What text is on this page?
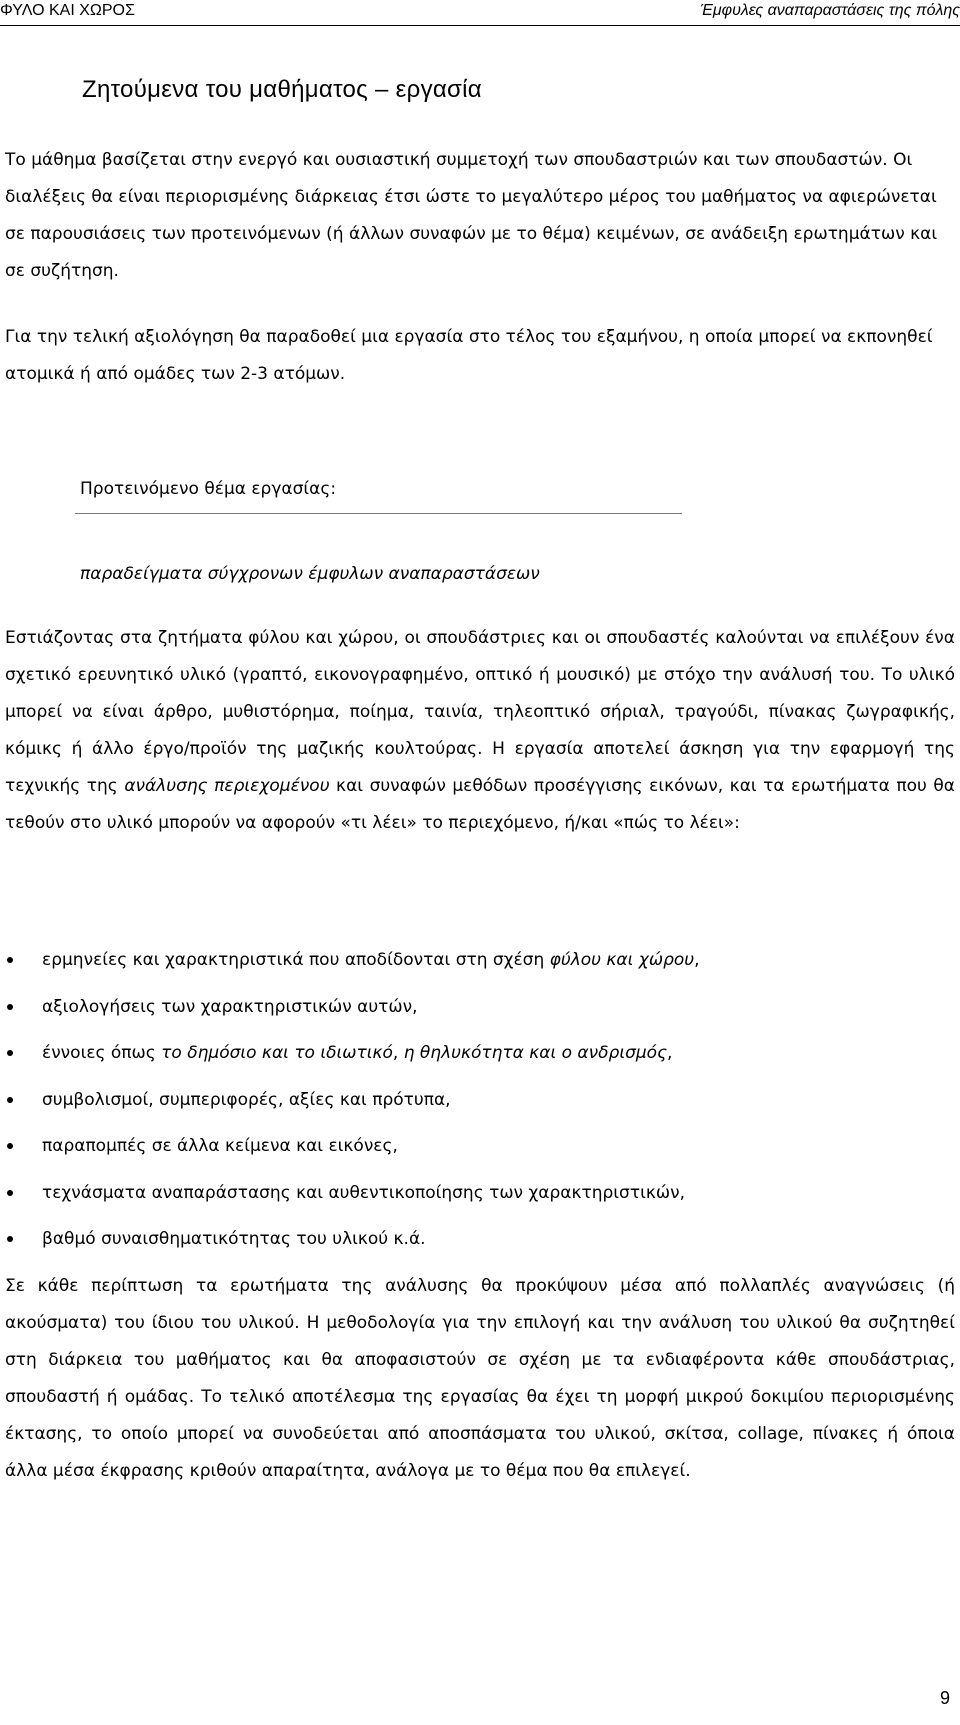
ΦΥΛΟ ΚΑΙ ΧΩΡΟΣ	Έμφυλες αναπαραστάσεις της πόλης
Ζητούμενα του μαθήματος – εργασία

Το μάθημα βασίζεται στην ενεργό και ουσιαστική συμμετοχή των σπουδαστριών και των σπουδαστών. Οι διαλέξεις θα είναι περιορισμένης διάρκειας έτσι ώστε το μεγαλύτερο μέρος του μαθήματος να αφιερώνεται σε παρουσιάσεις των προτεινόμενων (ή άλλων συναφών με το θέμα) κειμένων, σε ανάδειξη ερωτημάτων και σε συζήτηση.

Για την τελική αξιολόγηση θα παραδοθεί μια εργασία στο τέλος του εξαμήνου, η οποία μπορεί να εκπονηθεί ατομικά ή από ομάδες των 2-3 ατόμων.

Προτεινόμενο θέμα εργασίας:
παραδείγματα σύγχρονων έμφυλων αναπαραστάσεων

Εστιάζοντας στα ζητήματα φύλου και χώρου, οι σπουδάστριες και οι σπουδαστές καλούνται να επιλέξουν ένα σχετικό ερευνητικό υλικό (γραπτό, εικονογραφημένο, οπτικό ή μουσικό) με στόχο την ανάλυσή του. Το υλικό μπορεί να είναι άρθρο, μυθιστόρημα, ποίημα, ταινία, τηλεοπτικό σήριαλ, τραγούδι, πίνακας ζωγραφικής, κόμικς ή άλλο έργο/προϊόν της μαζικής κουλτούρας. Η εργασία αποτελεί άσκηση για την εφαρμογή της τεχνικής της ανάλυσης περιεχομένου και συναφών μεθόδων προσέγγισης εικόνων, και τα ερωτήματα που θα τεθούν στο υλικό μπορούν να αφορούν «τι λέει» το περιεχόμενο, ή/και «πώς το λέει»:

ερμηνείες και χαρακτηριστικά που αποδίδονται στη σχέση φύλου και χώρου,
αξιολογήσεις των χαρακτηριστικών αυτών,
έννοιες όπως το δημόσιο και το ιδιωτικό, η θηλυκότητα και ο ανδρισμός,
συμβολισμοί, συμπεριφορές, αξίες και πρότυπα,
παραπομπές σε άλλα κείμενα και εικόνες,
τεχνάσματα αναπαράστασης και αυθεντικοποίησης των χαρακτηριστικών,
βαθμό συναισθηματικότητας του υλικού κ.ά.

Σε κάθε περίπτωση τα ερωτήματα της ανάλυσης θα προκύψουν μέσα από πολλαπλές αναγνώσεις (ή ακούσματα) του ίδιου του υλικού. Η μεθοδολογία για την επιλογή και την ανάλυση του υλικού θα συζητηθεί στη διάρκεια του μαθήματος και θα αποφασιστούν σε σχέση με τα ενδιαφέροντα κάθε σπουδάστριας, σπουδαστή ή ομάδας. Το τελικό αποτέλεσμα της εργασίας θα έχει τη μορφή μικρού δοκιμίου περιορισμένης έκτασης, το οποίο μπορεί να συνοδεύεται από αποσπάσματα του υλικού, σκίτσα, collage, πίνακες ή όποια άλλα μέσα έκφρασης κριθούν απαραίτητα, ανάλογα με το θέμα που θα επιλεγεί.

9
